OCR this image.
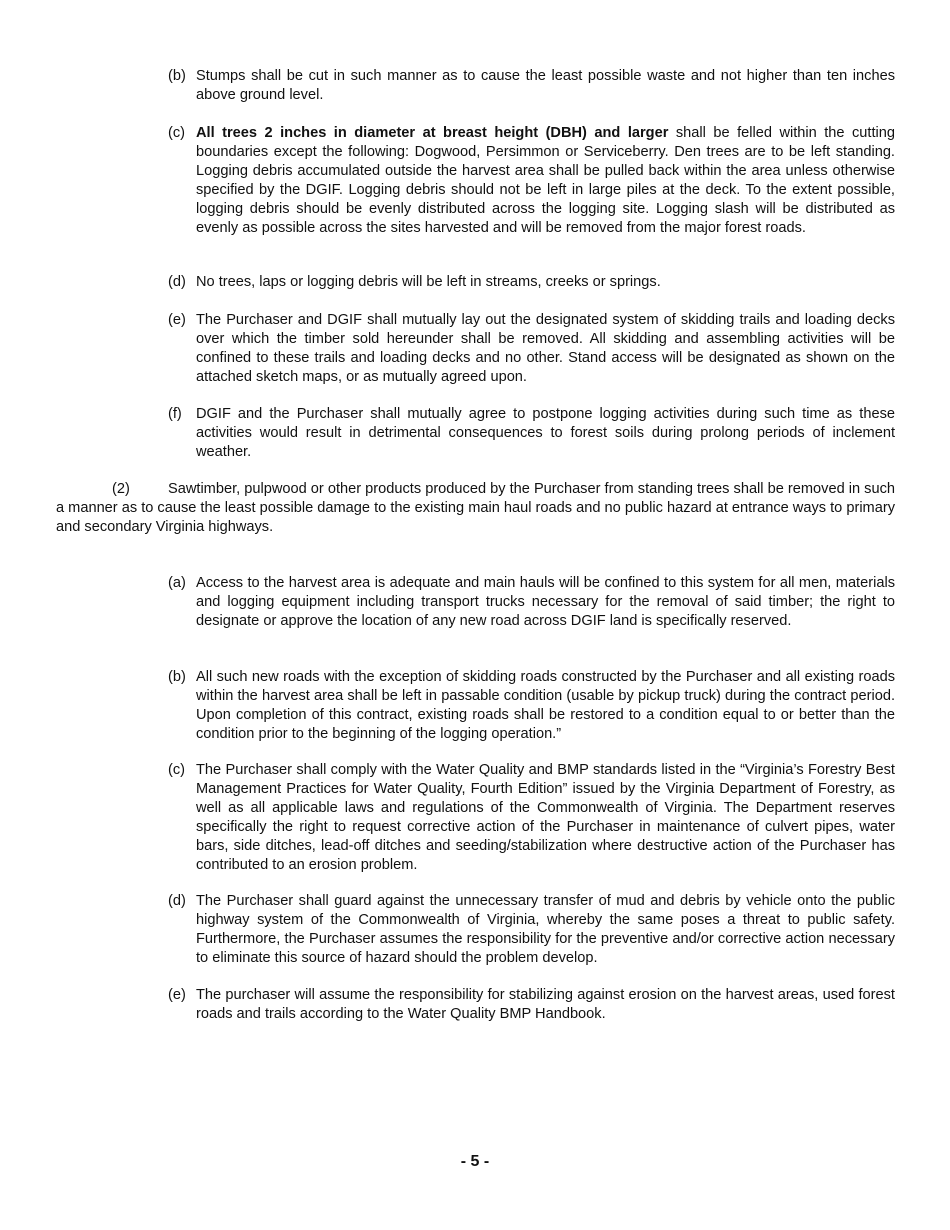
(b) Stumps shall be cut in such manner as to cause the least possible waste and not higher than ten inches above ground level.
(c) All trees 2 inches in diameter at breast height (DBH) and larger shall be felled within the cutting boundaries except the following: Dogwood, Persimmon or Serviceberry. Den trees are to be left standing. Logging debris accumulated outside the harvest area shall be pulled back within the area unless otherwise specified by the DGIF. Logging debris should not be left in large piles at the deck. To the extent possible, logging debris should be evenly distributed across the logging site. Logging slash will be distributed as evenly as possible across the sites harvested and will be removed from the major forest roads.
(d) No trees, laps or logging debris will be left in streams, creeks or springs.
(e) The Purchaser and DGIF shall mutually lay out the designated system of skidding trails and loading decks over which the timber sold hereunder shall be removed. All skidding and assembling activities will be confined to these trails and loading decks and no other. Stand access will be designated as shown on the attached sketch maps, or as mutually agreed upon.
(f) DGIF and the Purchaser shall mutually agree to postpone logging activities during such time as these activities would result in detrimental consequences to forest soils during prolong periods of inclement weather.
(2)	Sawtimber, pulpwood or other products produced by the Purchaser from standing trees shall be removed in such a manner as to cause the least possible damage to the existing main haul roads and no public hazard at entrance ways to primary and secondary Virginia highways.
(a) Access to the harvest area is adequate and main hauls will be confined to this system for all men, materials and logging equipment including transport trucks necessary for the removal of said timber; the right to designate or approve the location of any new road across DGIF land is specifically reserved.
(b) All such new roads with the exception of skidding roads constructed by the Purchaser and all existing roads within the harvest area shall be left in passable condition (usable by pickup truck) during the contract period. Upon completion of this contract, existing roads shall be restored to a condition equal to or better than the condition prior to the beginning of the logging operation.”
(c) The Purchaser shall comply with the Water Quality and BMP standards listed in the “Virginia’s Forestry Best Management Practices for Water Quality, Fourth Edition” issued by the Virginia Department of Forestry, as well as all applicable laws and regulations of the Commonwealth of Virginia. The Department reserves specifically the right to request corrective action of the Purchaser in maintenance of culvert pipes, water bars, side ditches, lead-off ditches and seeding/stabilization where destructive action of the Purchaser has contributed to an erosion problem.
(d) The Purchaser shall guard against the unnecessary transfer of mud and debris by vehicle onto the public highway system of the Commonwealth of Virginia, whereby the same poses a threat to public safety. Furthermore, the Purchaser assumes the responsibility for the preventive and/or corrective action necessary to eliminate this source of hazard should the problem develop.
(e) The purchaser will assume the responsibility for stabilizing against erosion on the harvest areas, used forest roads and trails according to the Water Quality BMP Handbook.
- 5 -
